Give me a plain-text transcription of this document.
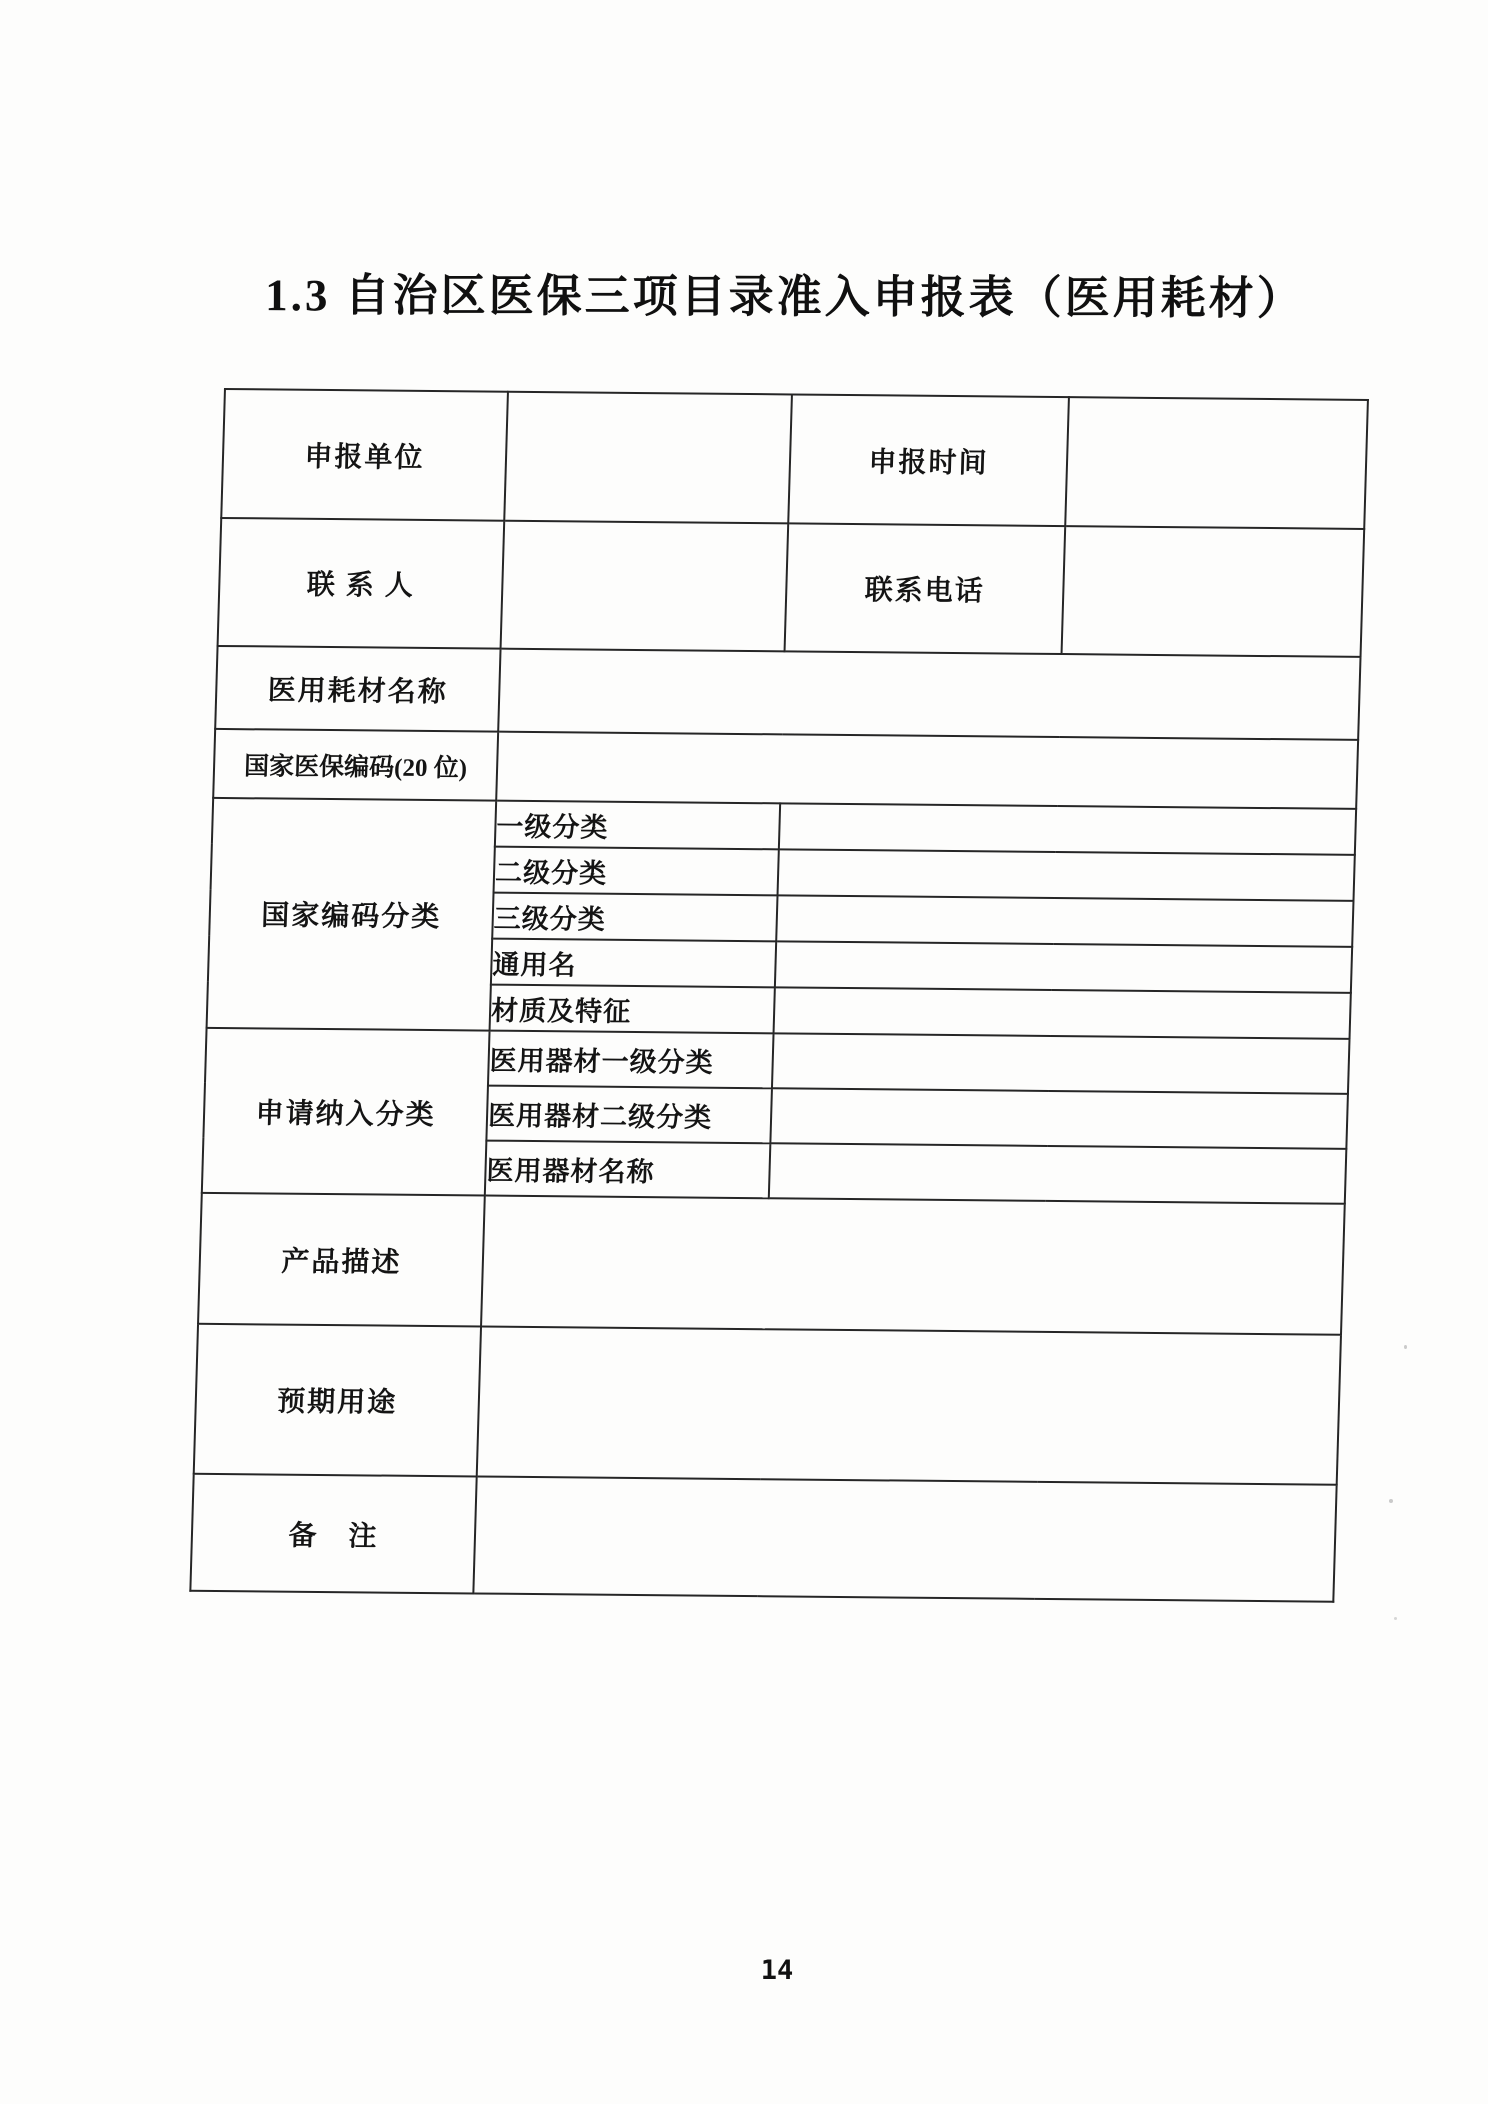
1.3 自治区医保三项目录准入申报表（医用耗材）
申报单位		申报时间	
联 系 人		联系电话	
医用耗材名称			
国家医保编码(20 位)			
国家编码分类	一级分类		
	二级分类		
	三级分类		
	通用名		
	材质及特征		
申请纳入分类	医用器材一级分类		
	医用器材二级分类		
	医用器材名称		
产品描述			
预期用途			
备　注			
14
